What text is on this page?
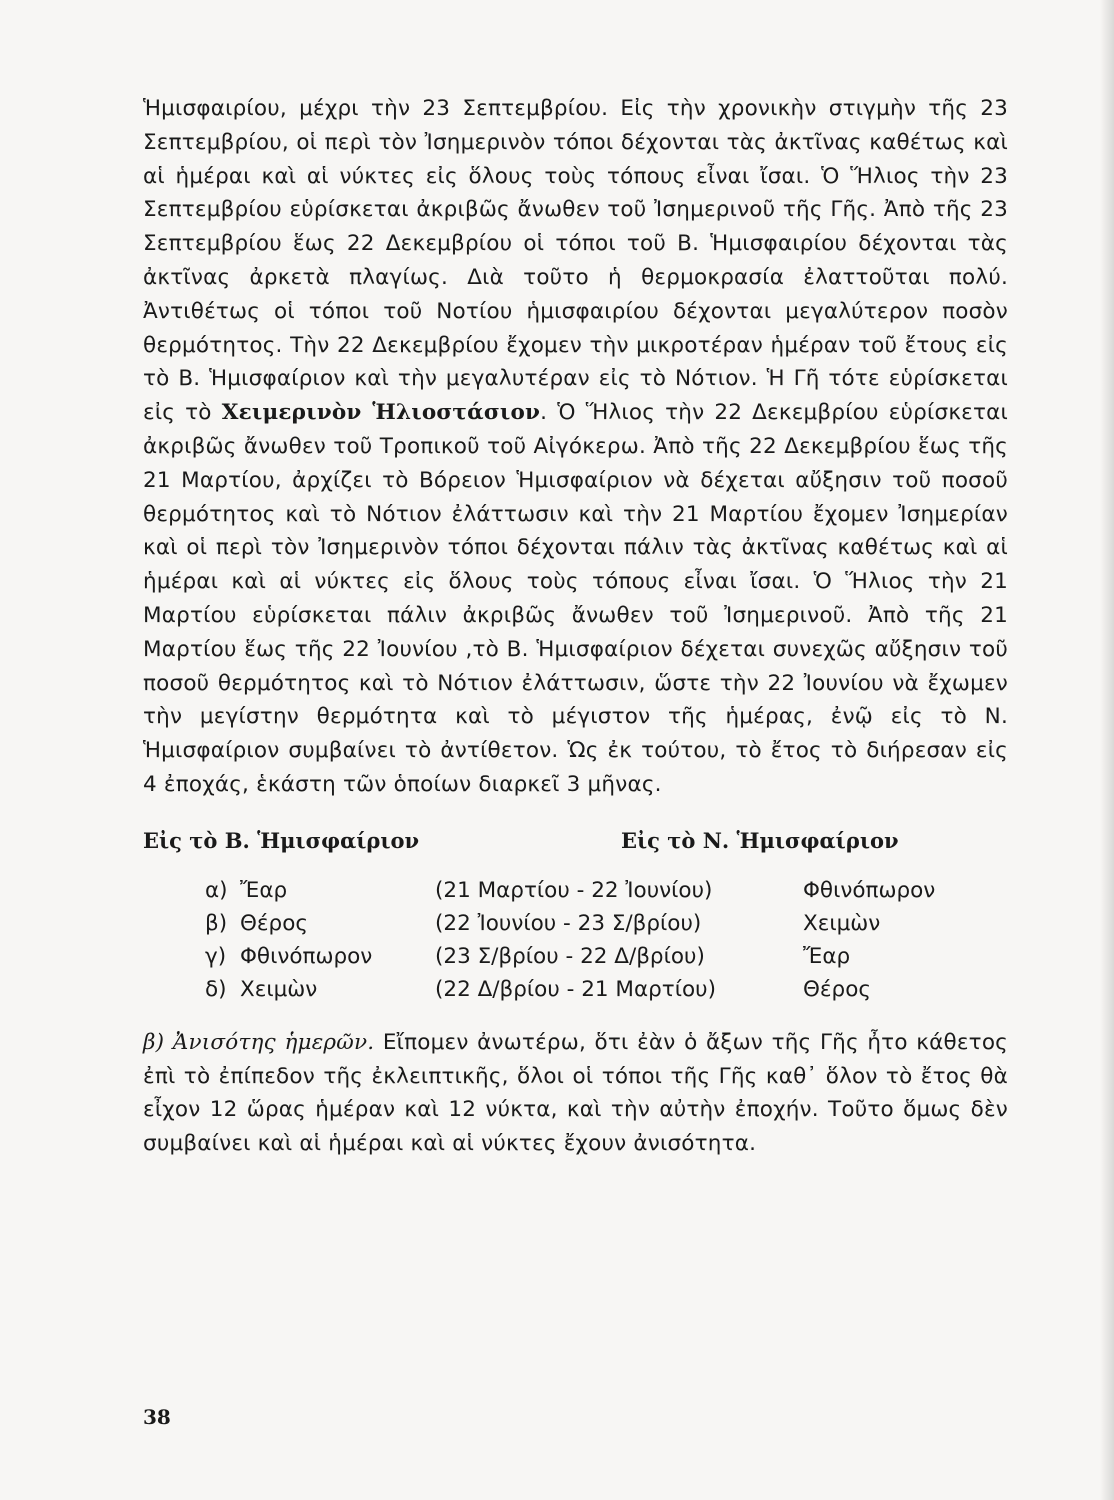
Ἡμισφαιρίου, μέχρι τὴν 23 Σεπτεμβρίου. Εἰς τὴν χρονικὴν στιγμὴν τῆς 23 Σεπτεμβρίου, οἱ περὶ τὸν Ἰσημερινὸν τόποι δέχονται τὰς ἀκτῖνας καθέτως καὶ αἱ ἡμέραι καὶ αἱ νύκτες εἰς ὅλους τοὺς τόπους εἶναι ἴσαι. Ὁ Ἥλιος τὴν 23 Σεπτεμβρίου εὑρίσκεται ἀκριβῶς ἄνωθεν τοῦ Ἰσημερινοῦ τῆς Γῆς. Ἀπὸ τῆς 23 Σεπτεμβρίου ἕως 22 Δεκεμβρίου οἱ τόποι τοῦ Β. Ἡμισφαιρίου δέχονται τὰς ἀκτῖνας ἀρκετὰ πλαγίως. Διὰ τοῦτο ἡ θερμοκρασία ἐλαττοῦται πολύ. Ἀντιθέτως οἱ τόποι τοῦ Νοτίου ἡμισφαιρίου δέχονται μεγαλύτερον ποσὸν θερμότητος. Τὴν 22 Δεκεμβρίου ἔχομεν τὴν μικροτέραν ἡμέραν τοῦ ἔτους εἰς τὸ Β. Ἡμισφαίριον καὶ τὴν μεγαλυτέραν εἰς τὸ Νότιον. Ἡ Γῆ τότε εὑρίσκεται εἰς τὸ Χειμερινὸν Ἡλιοστάσιον. Ὁ Ἥλιος τὴν 22 Δεκεμβρίου εὑρίσκεται ἀκριβῶς ἄνωθεν τοῦ Τροπικοῦ τοῦ Αἰγόκερω. Ἀπὸ τῆς 22 Δεκεμβρίου ἕως τῆς 21 Μαρτίου, ἀρχίζει τὸ Βόρειον Ἡμισφαίριον νὰ δέχεται αὔξησιν τοῦ ποσοῦ θερμότητος καὶ τὸ Νότιον ἐλάττωσιν καὶ τὴν 21 Μαρτίου ἔχομεν Ἰσημερίαν καὶ οἱ περὶ τὸν Ἰσημερινὸν τόποι δέχονται πάλιν τὰς ἀκτῖνας καθέτως καὶ αἱ ἡμέραι καὶ αἱ νύκτες εἰς ὅλους τοὺς τόπους εἶναι ἴσαι. Ὁ Ἥλιος τὴν 21 Μαρτίου εὑρίσκεται πάλιν ἀκριβῶς ἄνωθεν τοῦ Ἰσημερινοῦ. Ἀπὸ τῆς 21 Μαρτίου ἕως τῆς 22 Ἰουνίου ,τὸ Β. Ἡμισφαίριον δέχεται συνεχῶς αὔξησιν τοῦ ποσοῦ θερμότητος καὶ τὸ Νότιον ἐλάττωσιν, ὥστε τὴν 22 Ἰουνίου νὰ ἔχωμεν τὴν μεγίστην θερμότητα καὶ τὸ μέγιστον τῆς ἡμέρας, ἐνῷ εἰς τὸ Ν. Ἡμισφαίριον συμβαίνει τὸ ἀντίθετον. Ὡς ἐκ τούτου, τὸ ἔτος τὸ διήρεσαν εἰς 4 ἐποχάς, ἑκάστη τῶν ὁποίων διαρκεῖ 3 μῆνας.

Εἰς τὸ Β. Ἡμισφαίριον	Εἰς τὸ Ν. Ἡμισφαίριον
α) Ἔαρ	(21 Μαρτίου - 22 Ἰουνίου)	Φθινόπωρον
β) Θέρος	(22 Ἰουνίου - 23 Σ/βρίου)	Χειμὼν
γ) Φθινόπωρον	(23 Σ/βρίου - 22 Δ/βρίου)	Ἔαρ
δ) Χειμὼν	(22 Δ/βρίου - 21 Μαρτίου)	Θέρος

β) Ἀνισότης ἡμερῶν. Εἴπομεν ἀνωτέρω, ὅτι ἐὰν ὁ ἄξων τῆς Γῆς ἦτο κάθετος ἐπὶ τὸ ἐπίπεδον τῆς ἐκλειπτικῆς, ὅλοι οἱ τόποι τῆς Γῆς καθ᾽ ὅλον τὸ ἔτος θὰ εἶχον 12 ὥρας ἡμέραν καὶ 12 νύκτα, καὶ τὴν αὐτὴν ἐποχήν. Τοῦτο ὅμως δὲν συμβαίνει καὶ αἱ ἡμέραι καὶ αἱ νύκτες ἔχουν ἀνισότητα.

38
